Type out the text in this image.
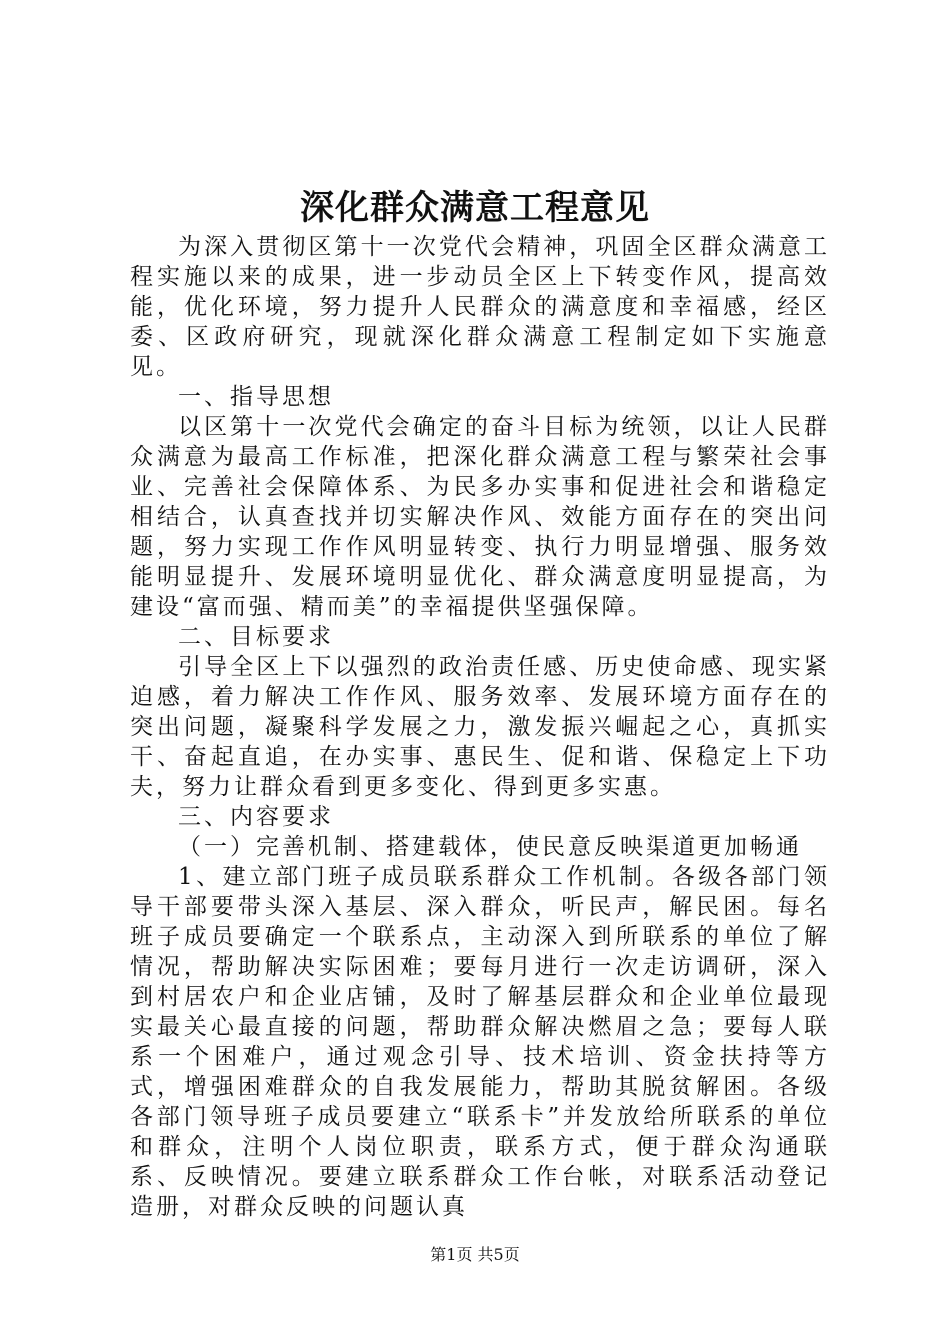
深化群众满意工程意见

为深入贯彻区第十一次党代会精神，巩固全区群众满意工程实施以来的成果，进一步动员全区上下转变作风，提高效能，优化环境，努力提升人民群众的满意度和幸福感，经区委、区政府研究，现就深化群众满意工程制定如下实施意见。

一、指导思想

以区第十一次党代会确定的奋斗目标为统领，以让人民群众满意为最高工作标准，把深化群众满意工程与繁荣社会事业、完善社会保障体系、为民多办实事和促进社会和谐稳定相结合，认真查找并切实解决作风、效能方面存在的突出问题，努力实现工作作风明显转变、执行力明显增强、服务效能明显提升、发展环境明显优化、群众满意度明显提高，为建设“富而强、精而美”的幸福提供坚强保障。

二、目标要求

引导全区上下以强烈的政治责任感、历史使命感、现实紧迫感，着力解决工作作风、服务效率、发展环境方面存在的突出问题，凝聚科学发展之力，激发振兴崛起之心，真抓实干、奋起直追，在办实事、惠民生、促和谐、保稳定上下功夫，努力让群众看到更多变化、得到更多实惠。

三、内容要求

（一）完善机制、搭建载体，使民意反映渠道更加畅通

1、建立部门班子成员联系群众工作机制。各级各部门领导干部要带头深入基层、深入群众，听民声，解民困。每名班子成员要确定一个联系点，主动深入到所联系的单位了解情况，帮助解决实际困难；要每月进行一次走访调研，深入到村居农户和企业店铺，及时了解基层群众和企业单位最现实最关心最直接的问题，帮助群众解决燃眉之急；要每人联系一个困难户，通过观念引导、技术培训、资金扶持等方式，增强困难群众的自我发展能力，帮助其脱贫解困。各级各部门领导班子成员要建立“联系卡”并发放给所联系的单位和群众，注明个人岗位职责，联系方式，便于群众沟通联系、反映情况。要建立联系群众工作台帐，对联系活动登记造册，对群众反映的问题认真

第1页 共5页
